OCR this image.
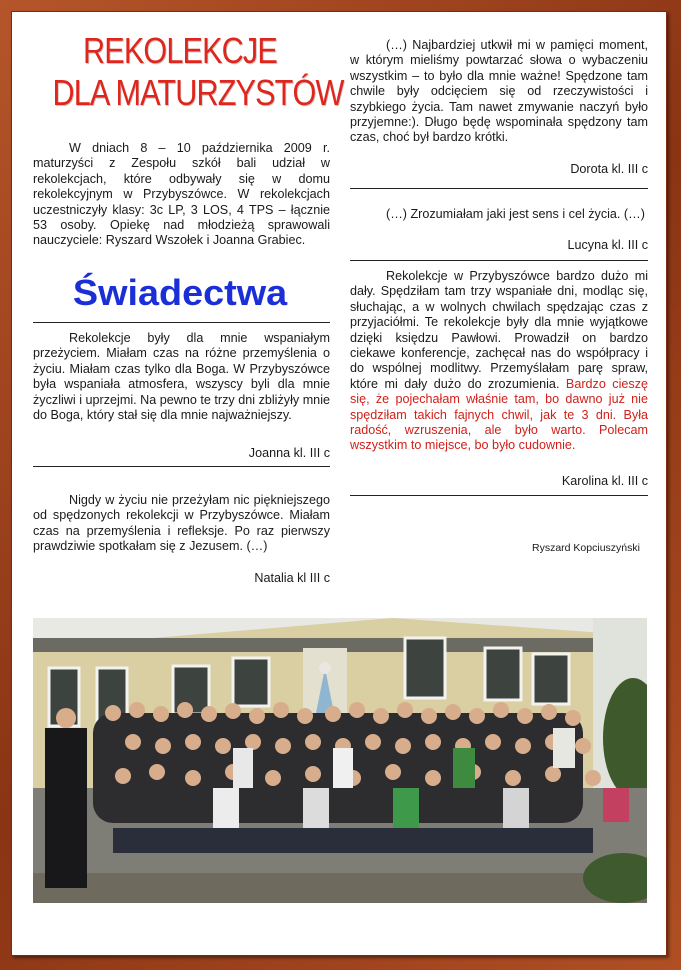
REKOLEKCJE
DLA MATURZYSTÓW

W dniach 8 – 10 października 2009 r. maturzyści z Zespołu szkół bali udział w rekolekcjach, które odbywały się w domu rekolekcyjnym w Przybyszówce. W rekolekcjach uczestniczyły klasy: 3c LP, 3 LOS, 4 TPS – łącznie 53 osoby. Opiekę nad młodzieżą sprawowali nauczyciele: Ryszard Wszołek i Joanna Grabiec.

Świadectwa

Rekolekcje były dla mnie wspaniałym przeżyciem. Miałam czas na różne przemyślenia o życiu. Miałam czas tylko dla Boga. W Przybyszówce była wspaniała atmosfera, wszyscy byli dla mnie życzliwi i uprzejmi. Na pewno te trzy dni zbliżyły mnie do Boga, który stał się dla mnie najważniejszy.

Joanna kl. III c

Nigdy w życiu nie przeżyłam nic piękniejszego od spędzonych rekolekcji w Przybyszówce. Miałam czas na przemyślenia i refleksje. Po raz pierwszy prawdziwie spotkałam się z Jezusem. (…)

Natalia kl III c

(…) Najbardziej utkwił mi w pamięci moment, w którym mieliśmy powtarzać słowa o wybaczeniu wszystkim – to było dla mnie ważne! Spędzone tam chwile były odcięciem się od rzeczywistości i szybkiego życia. Tam nawet zmywanie naczyń było przyjemne:). Długo będę wspominała spędzony tam czas, choć był bardzo krótki.

Dorota kl. III c

(…) Zrozumiałam jaki jest sens i cel życia. (…)

Lucyna kl. III c

Rekolekcje w Przybyszówce bardzo dużo mi dały. Spędziłam tam trzy wspaniałe dni, modląc się, słuchając, a w wolnych chwilach spędzając czas z przyjaciółmi. Te rekolekcje były dla mnie wyjątkowe dzięki księdzu Pawłowi. Prowadził on bardzo ciekawe konferencje, zachęcał nas do współpracy i do wspólnej modlitwy. Przemyślałam parę spraw, które mi dały dużo do zrozumienia. Bardzo cieszę się, że pojechałam właśnie tam, bo dawno już nie spędziłam takich fajnych chwil, jak te 3 dni. Była radość, wzruszenia, ale było warto. Polecam wszystkim to miejsce, bo było cudownie.

Karolina kl. III c
Ryszard Kopciuszyński
